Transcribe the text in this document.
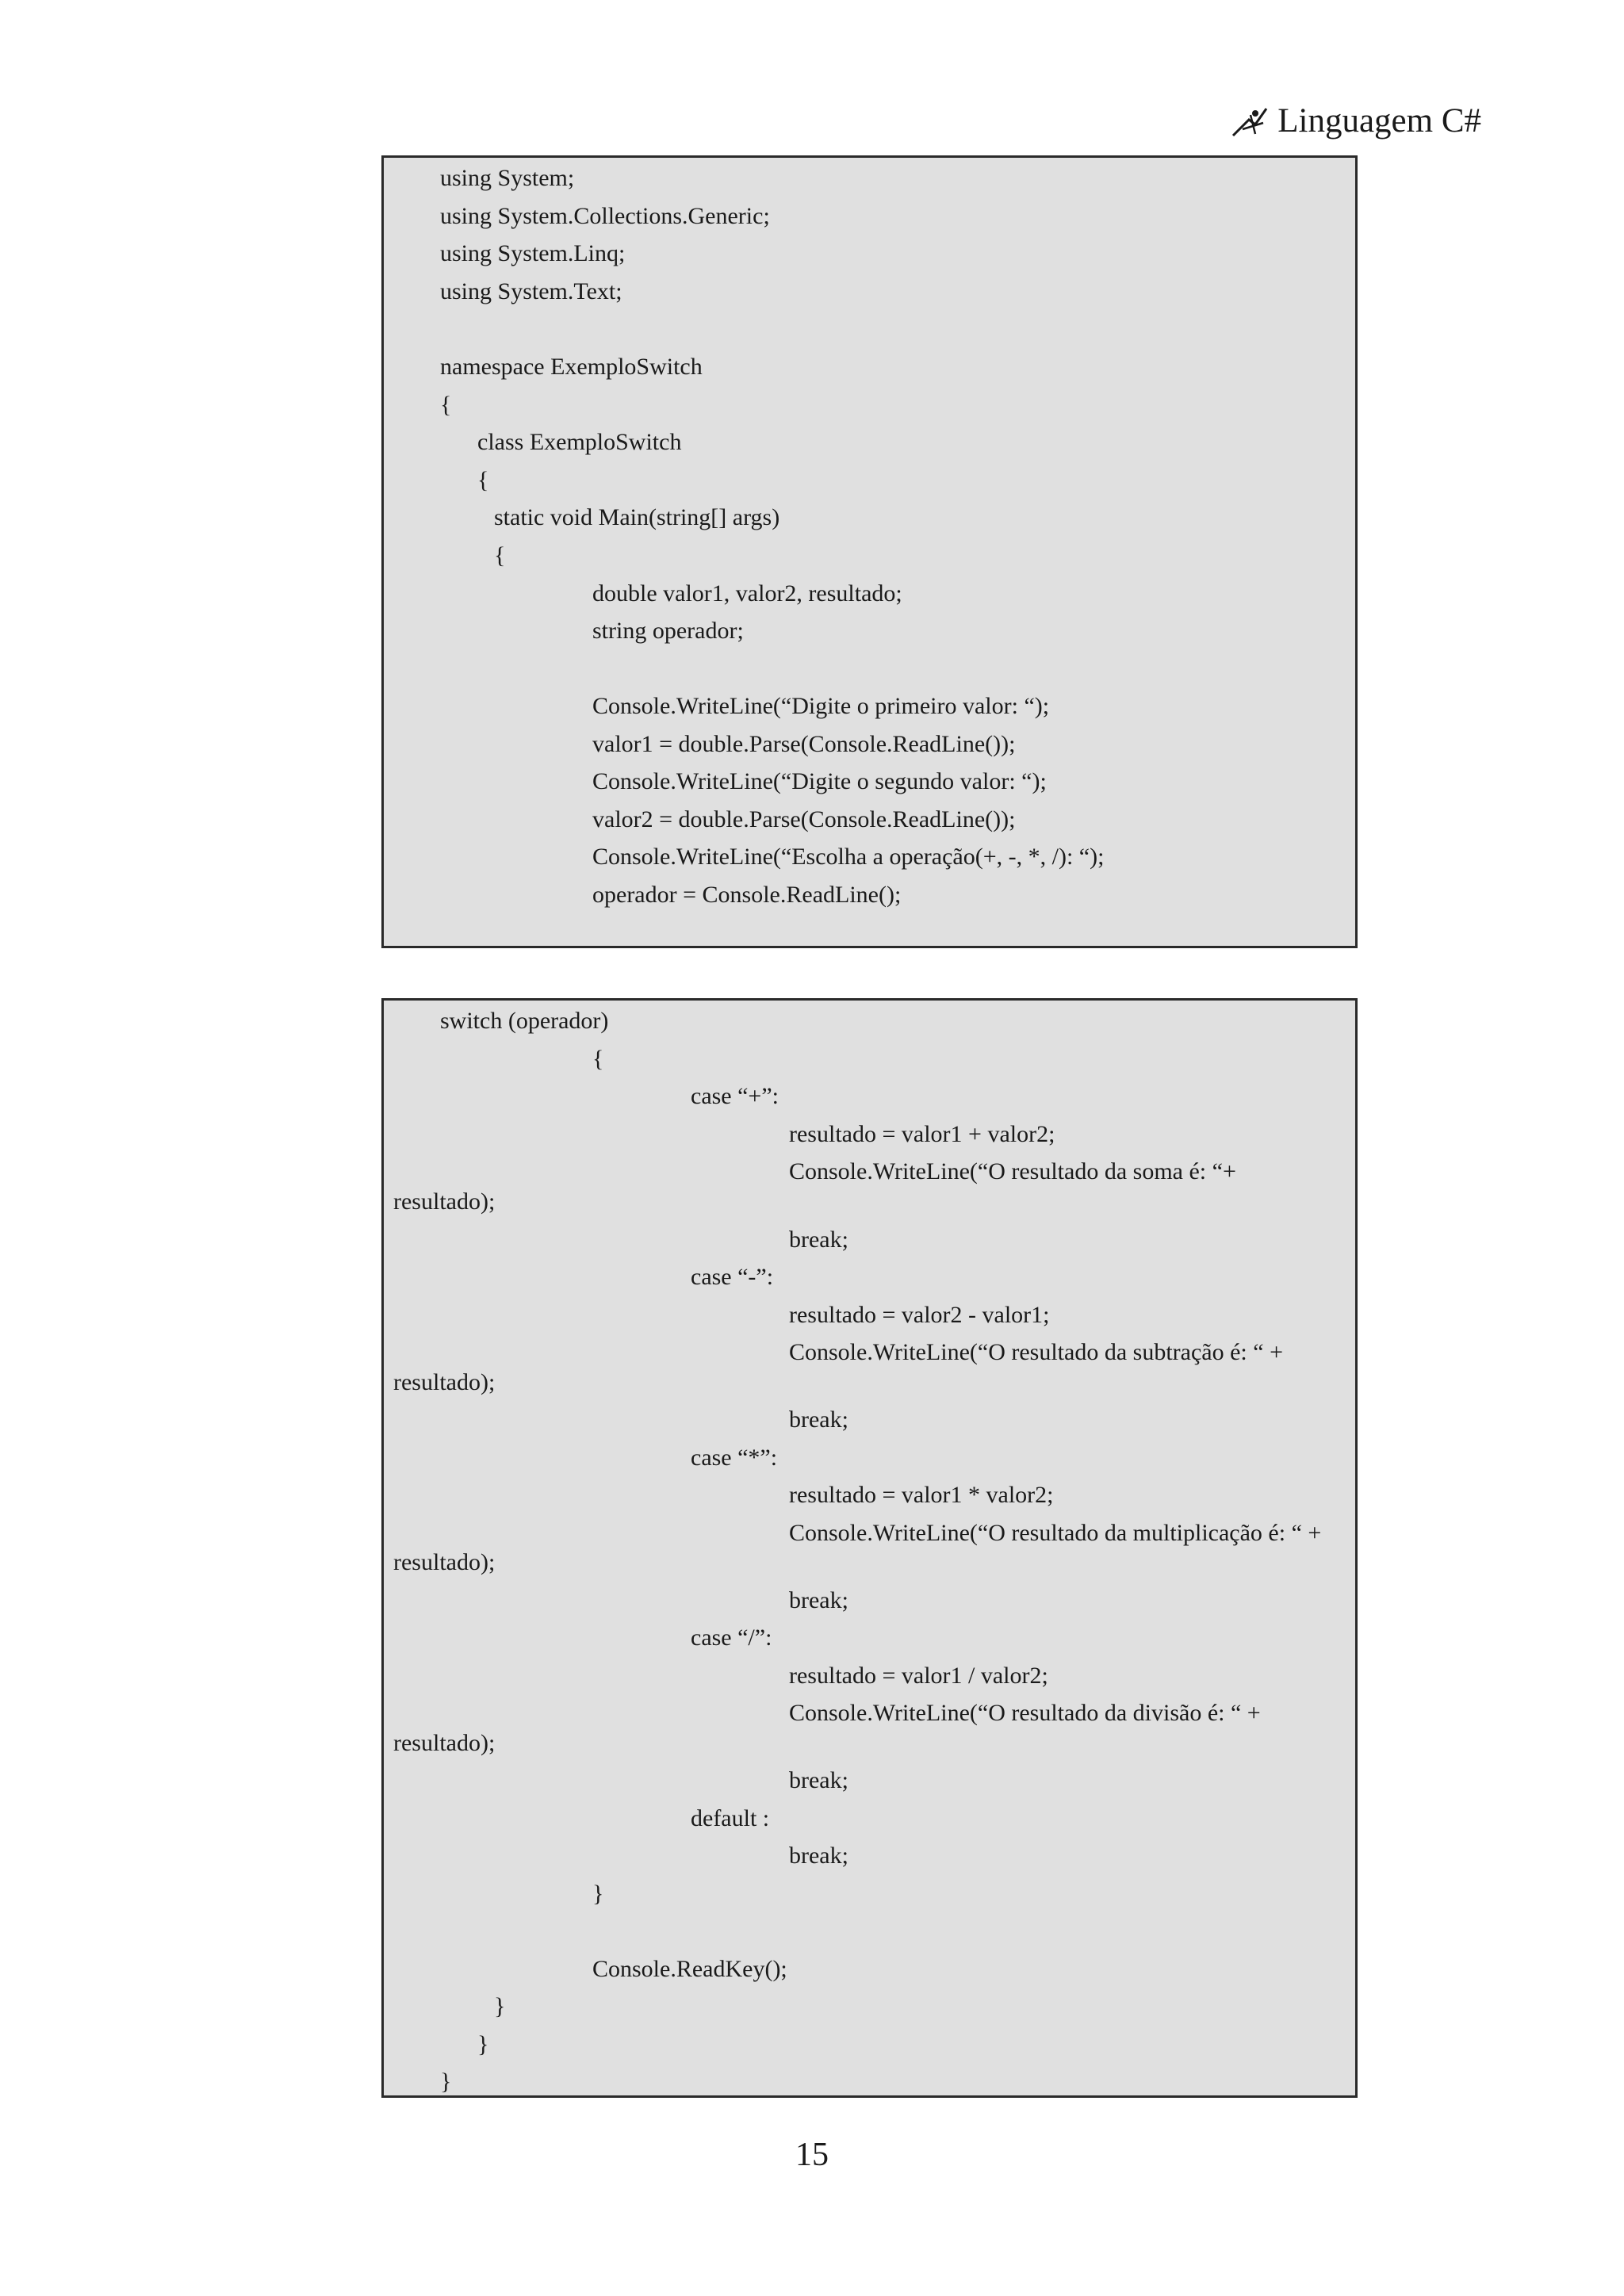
Linguagem C#
using System;
using System.Collections.Generic;
using System.Linq;
using System.Text;
namespace ExemploSwitch
{
class ExemploSwitch
{
static void Main(string[] args)
{
double valor1, valor2, resultado;
string operador;
Console.WriteLine(“Digite o primeiro valor: “);
valor1 = double.Parse(Console.ReadLine());
Console.WriteLine(“Digite o segundo valor: “);
valor2 = double.Parse(Console.ReadLine());
Console.WriteLine(“Escolha a operação(+, -, *, /): “);
operador = Console.ReadLine();
switch (operador)
{
case “+”:
resultado = valor1 + valor2;
Console.WriteLine(“O resultado da soma é: “+
resultado);
break;
case “-”:
resultado = valor2 - valor1;
Console.WriteLine(“O resultado da subtração é: “ +
resultado);
break;
case “*”:
resultado = valor1 * valor2;
Console.WriteLine(“O resultado da multiplicação é: “ +
resultado);
break;
case “/”:
resultado = valor1 / valor2;
Console.WriteLine(“O resultado da divisão é: “ +
resultado);
break;
default :
break;
}
Console.ReadKey();
}
}
}
15
